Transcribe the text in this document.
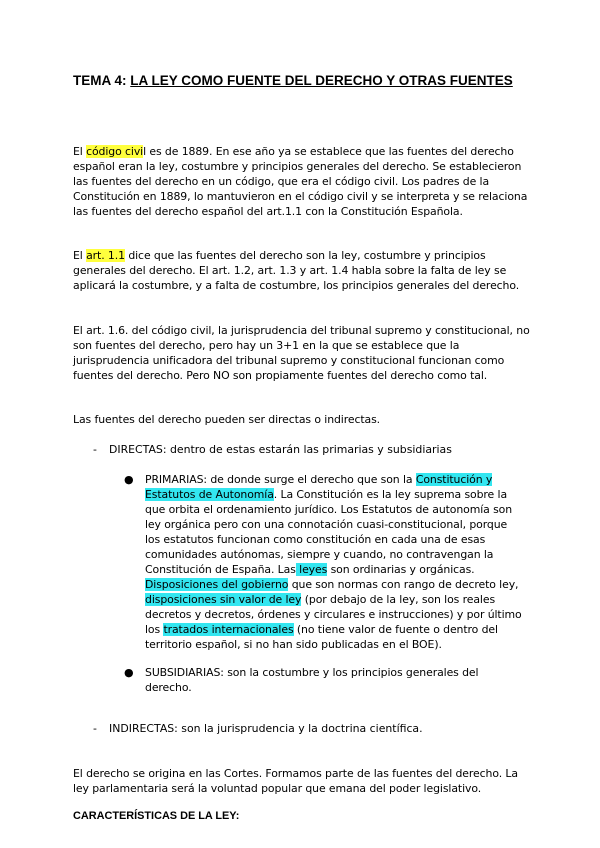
TEMA 4: LA LEY COMO FUENTE DEL DERECHO Y OTRAS FUENTES

El código civil es de 1889. En ese año ya se establece que las fuentes del derecho español eran la ley, costumbre y principios generales del derecho. Se establecieron las fuentes del derecho en un código, que era el código civil. Los padres de la Constitución en 1889, lo mantuvieron en el código civil y se interpreta y se relaciona las fuentes del derecho español del art.1.1 con la Constitución Española.

El art. 1.1 dice que las fuentes del derecho son la ley, costumbre y principios generales del derecho. El art. 1.2, art. 1.3 y art. 1.4 habla sobre la falta de ley se aplicará la costumbre, y a falta de costumbre, los principios generales del derecho.

El art. 1.6. del código civil, la jurisprudencia del tribunal supremo y constitucional, no son fuentes del derecho, pero hay un 3+1 en la que se establece que la jurisprudencia unificadora del tribunal supremo y constitucional funcionan como fuentes del derecho. Pero NO son propiamente fuentes del derecho como tal.

Las fuentes del derecho pueden ser directas o indirectas.

- DIRECTAS: dentro de estas estarán las primarias y subsidiarias

● PRIMARIAS: de donde surge el derecho que son la Constitución y Estatutos de Autonomía. La Constitución es la ley suprema sobre la que orbita el ordenamiento jurídico. Los Estatutos de autonomía son ley orgánica pero con una connotación cuasi-constitucional, porque los estatutos funcionan como constitución en cada una de esas comunidades autónomas, siempre y cuando, no contravengan la Constitución de España. Las leyes son ordinarias y orgánicas. Disposiciones del gobierno que son normas con rango de decreto ley, disposiciones sin valor de ley (por debajo de la ley, son los reales decretos y decretos, órdenes y circulares e instrucciones) y por último los tratados internacionales (no tiene valor de fuente o dentro del territorio español, si no han sido publicadas en el BOE).
● SUBSIDIARIAS: son la costumbre y los principios generales del derecho.

- INDIRECTAS: son la jurisprudencia y la doctrina científica.

El derecho se origina en las Cortes. Formamos parte de las fuentes del derecho. La ley parlamentaria será la voluntad popular que emana del poder legislativo.

CARACTERÍSTICAS DE LA LEY:
